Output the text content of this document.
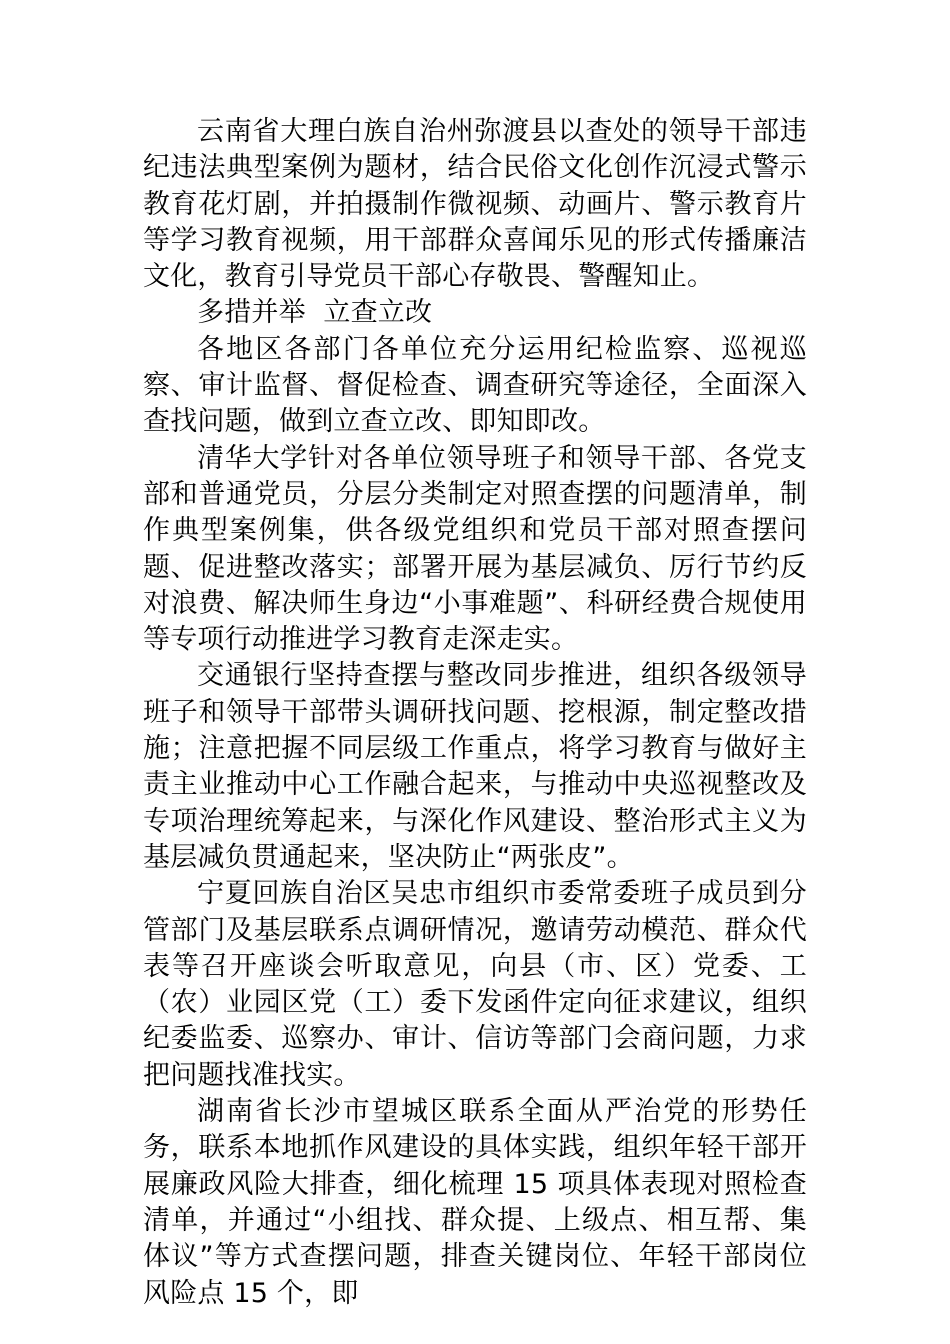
云南省大理白族自治州弥渡县以查处的领导干部违纪违法典型案例为题材，结合民俗文化创作沉浸式警示教育花灯剧，并拍摄制作微视频、动画片、警示教育片等学习教育视频，用干部群众喜闻乐见的形式传播廉洁文化，教育引导党员干部心存敬畏、警醒知止。

多措并举  立查立改

各地区各部门各单位充分运用纪检监察、巡视巡察、审计监督、督促检查、调查研究等途径，全面深入查找问题，做到立查立改、即知即改。

清华大学针对各单位领导班子和领导干部、各党支部和普通党员，分层分类制定对照查摆的问题清单，制作典型案例集，供各级党组织和党员干部对照查摆问题、促进整改落实；部署开展为基层减负、厉行节约反对浪费、解决师生身边“小事难题”、科研经费合规使用等专项行动推进学习教育走深走实。

交通银行坚持查摆与整改同步推进，组织各级领导班子和领导干部带头调研找问题、挖根源，制定整改措施；注意把握不同层级工作重点，将学习教育与做好主责主业推动中心工作融合起来，与推动中央巡视整改及专项治理统筹起来，与深化作风建设、整治形式主义为基层减负贯通起来，坚决防止“两张皮”。

宁夏回族自治区吴忠市组织市委常委班子成员到分管部门及基层联系点调研情况，邀请劳动模范、群众代表等召开座谈会听取意见，向县（市、区）党委、工（农）业园区党（工）委下发函件定向征求建议，组织纪委监委、巡察办、审计、信访等部门会商问题，力求把问题找准找实。

湖南省长沙市望城区联系全面从严治党的形势任务，联系本地抓作风建设的具体实践，组织年轻干部开展廉政风险大排查，细化梳理 15 项具体表现对照检查清单，并通过“小组找、群众提、上级点、相互帮、集体议”等方式查摆问题，排查关键岗位、年轻干部岗位风险点 15 个，即
